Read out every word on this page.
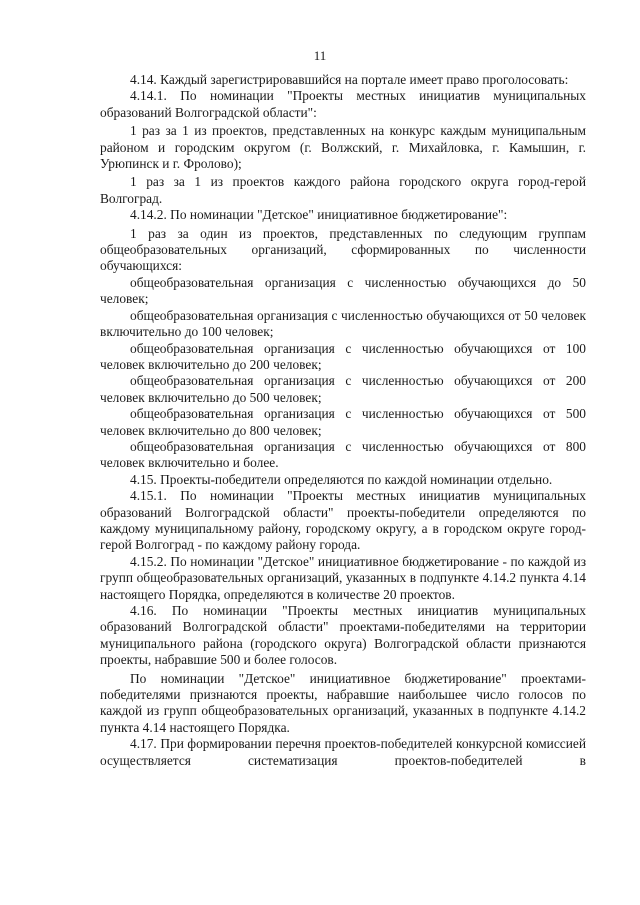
11

4.14. Каждый зарегистрировавшийся на портале имеет право проголосовать:

4.14.1. По номинации "Проекты местных инициатив муниципальных образований Волгоградской области":

1 раз за 1 из проектов, представленных на конкурс каждым муниципальным районом и городским округом (г. Волжский, г. Михайловка, г. Камышин, г. Урюпинск и г. Фролово);

1 раз за 1 из проектов каждого района городского округа город-герой Волгоград.

4.14.2. По номинации "Детское" инициативное бюджетирование":

1 раз за один из проектов, представленных по следующим группам общеобразовательных организаций, сформированных по численности обучающихся:

общеобразовательная организация с численностью обучающихся до 50 человек;

общеобразовательная организация с численностью обучающихся от 50 человек включительно до 100 человек;

общеобразовательная организация с численностью обучающихся от 100 человек включительно до 200 человек;

общеобразовательная организация с численностью обучающихся от 200 человек включительно до 500 человек;

общеобразовательная организация с численностью обучающихся от 500 человек включительно до 800 человек;

общеобразовательная организация с численностью обучающихся от 800 человек включительно и более.

4.15. Проекты-победители определяются по каждой номинации отдельно.

4.15.1. По номинации "Проекты местных инициатив муниципальных образований Волгоградской области" проекты-победители определяются по каждому муниципальному району, городскому округу, а в городском округе город-герой Волгоград - по каждому району города.

4.15.2. По номинации "Детское" инициативное бюджетирование - по каждой из групп общеобразовательных организаций, указанных в подпункте 4.14.2 пункта 4.14 настоящего Порядка, определяются в количестве 20 проектов.

4.16. По номинации "Проекты местных инициатив муниципальных образований Волгоградской области" проектами-победителями на территории муниципального района (городского округа) Волгоградской области признаются проекты, набравшие 500 и более голосов.

По номинации "Детское" инициативное бюджетирование" проектами-победителями признаются проекты, набравшие наибольшее число голосов по каждой из групп общеобразовательных организаций, указанных в подпункте 4.14.2 пункта 4.14 настоящего Порядка.

4.17. При формировании перечня проектов-победителей конкурсной комиссией осуществляется систематизация проектов-победителей в
